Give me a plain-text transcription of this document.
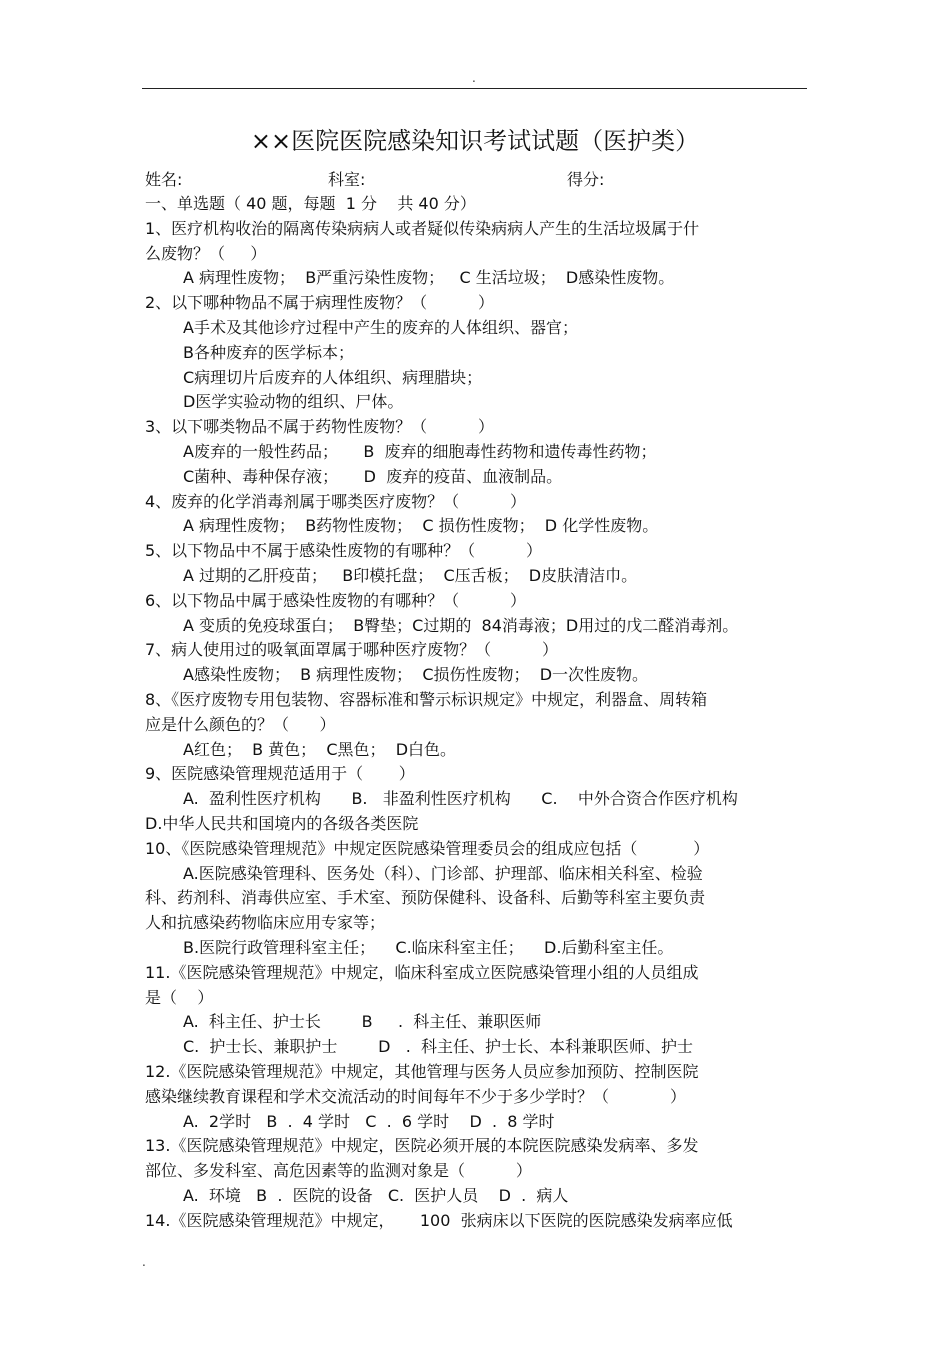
.
××医院医院感染知识考试试题（医护类）
姓名:	科室:	得分:
一、单选题（ 40 题，每题  1 分    共 40 分）
1、医疗机构收治的隔离传染病病人或者疑似传染病病人产生的生活垃圾属于什
么废物？（     ）
A 病理性废物；  B严重污染性废物；   C 生活垃圾；  D感染性废物。
2、以下哪种物品不属于病理性废物？（          ）
A手术及其他诊疗过程中产生的废弃的人体组织、器官；
B各种废弃的医学标本；
C病理切片后废弃的人体组织、病理腊块；
D医学实验动物的组织、尸体。
3、以下哪类物品不属于药物性废物？（          ）
A废弃的一般性药品；     B  废弃的细胞毒性药物和遗传毒性药物；
C菌种、毒种保存液；     D  废弃的疫苗、血液制品。
4、废弃的化学消毒剂属于哪类医疗废物？（          ）
A 病理性废物；  B药物性废物；  C 损伤性废物；  D 化学性废物。
5、以下物品中不属于感染性废物的有哪种？（          ）
A 过期的乙肝疫苗；   B印模托盘；  C压舌板；  D皮肤清洁巾。
6、以下物品中属于感染性废物的有哪种？（          ）
A 变质的免疫球蛋白；  B臀垫；C过期的  84消毒液；D用过的戊二醛消毒剂。
7、病人使用过的吸氧面罩属于哪种医疗废物？（          ）
A感染性废物；  B 病理性废物；  C损伤性废物；  D一次性废物。
8、《医疗废物专用包装物、容器标准和警示标识规定》中规定，利器盒、周转箱
应是什么颜色的？（      ）
A红色；  B 黄色；  C黑色；  D白色。
9、医院感染管理规范适用于（       ）
A.  盈利性医疗机构      B.   非盈利性医疗机构      C.    中外合资合作医疗机构
D.中华人民共和国境内的各级各类医院
10、《医院感染管理规范》中规定医院感染管理委员会的组成应包括（           ）
A.医院感染管理科、医务处（科）、门诊部、护理部、临床相关科室、检验
科、药剂科、消毒供应室、手术室、预防保健科、设备科、后勤等科室主要负责
人和抗感染药物临床应用专家等；
B.医院行政管理科室主任；    C.临床科室主任；    D.后勤科室主任。
11.《医院感染管理规范》中规定，临床科室成立医院感染管理小组的人员组成
是（    ）
A.  科主任、护士长        B     .  科主任、兼职医师
C.  护士长、兼职护士        D   .  科主任、护士长、本科兼职医师、护士
12.《医院感染管理规范》中规定，其他管理与医务人员应参加预防、控制医院
感染继续教育课程和学术交流活动的时间每年不少于多少学时？（            ）
A.  2学时   B  .  4 学时   C  .  6 学时    D  .  8 学时
13.《医院感染管理规范》中规定，医院必须开展的本院医院感染发病率、多发
部位、多发科室、高危因素等的监测对象是（          ）
A.  环境   B  .  医院的设备   C.  医护人员    D  .  病人
14.《医院感染管理规范》中规定，     100  张病床以下医院的医院感染发病率应低
.
